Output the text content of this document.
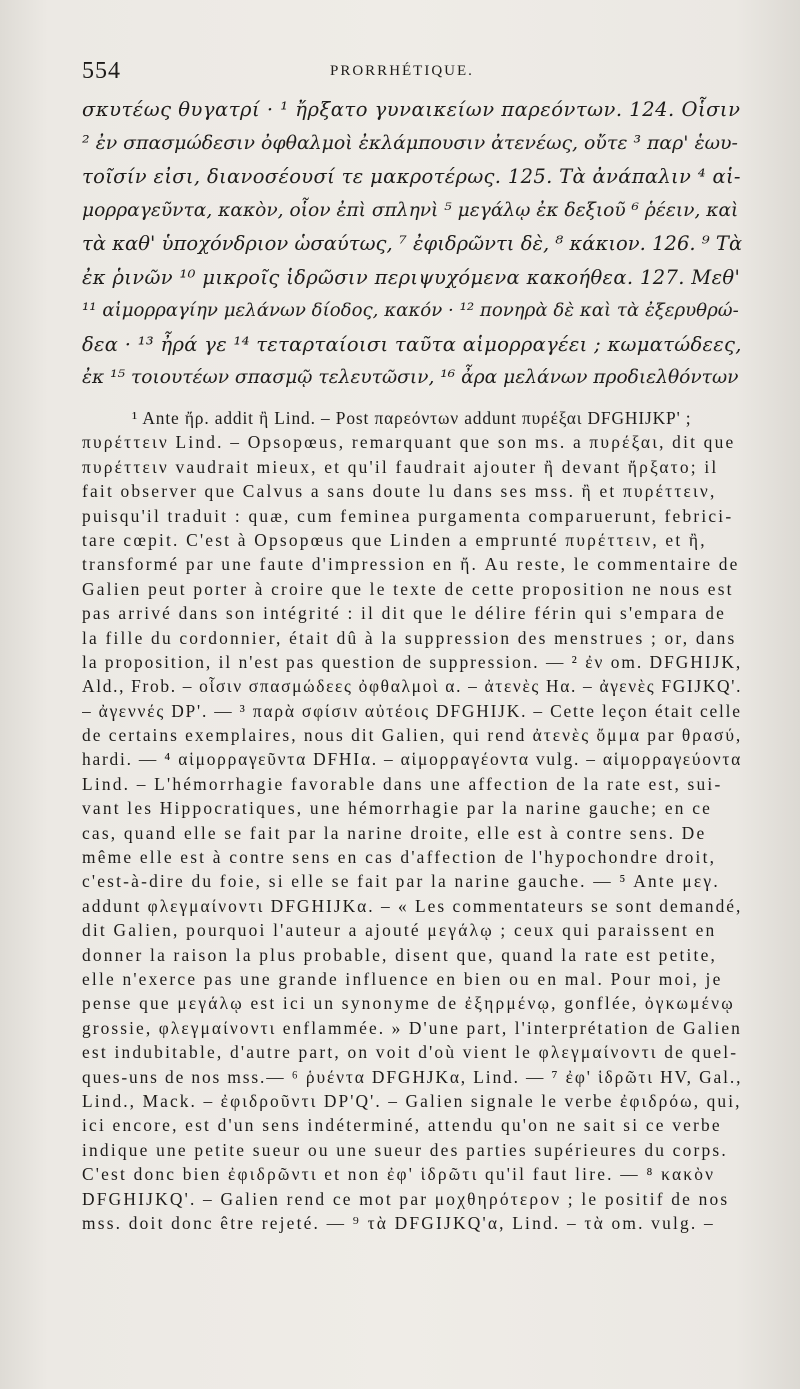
554	PRORRHÉTIQUE.
σκυτέως θυγατρί · ¹ ἤρξατο γυναικείων παρεόντων. 124. Οἷσιν
² ἐν σπασμώδεσιν ὀφθαλμοὶ ἐκλάμπουσιν ἀτενέως, οὔτε ³ παρ' ἑωυ-
τοῖσίν εἰσι, διανοσέουσί τε μακροτέρως. 125. Τὰ ἀνάπαλιν ⁴ αἱ-
μορραγεῦντα, κακὸν, οἷον ἐπὶ σπληνὶ ⁵ μεγάλῳ ἐκ δεξιοῦ ⁶ ῥέειν, καὶ
τὰ καθ' ὑποχόνδριον ὡσαύτως, ⁷ ἐφιδρῶντι δὲ, ⁸ κάκιον. 126. ⁹ Τὰ
ἐκ ῥινῶν ¹⁰ μικροῖς ἱδρῶσιν περιψυχόμενα κακοήθεα. 127. Μεθ'
¹¹ αἱμορραγίην μελάνων δίοδος, κακόν · ¹² πονηρὰ δὲ καὶ τὰ ἐξερυθρώ-
δεα · ¹³ ἦρά γε ¹⁴ τεταρταίοισι ταῦτα αἱμορραγέει ; κωματώδεες,
ἐκ ¹⁵ τοιουτέων σπασμῷ τελευτῶσιν, ¹⁶ ἆρα μελάνων προδιελθόντων
¹ Ante ἤρ. addit ἢ Lind. – Post παρεόντων addunt πυρέξαι DFGHIJKP' ;
πυρέττειν Lind. – Opsopœus, remarquant que son ms. a πυρέξαι, dit que
πυρέττειν vaudrait mieux, et qu'il faudrait ajouter ἢ devant ἤρξατο; il
fait observer que Calvus a sans doute lu dans ses mss. ἢ et πυρέττειν,
puisqu'il traduit : quæ, cum feminea purgamenta comparuerunt, febrici-
tare cœpit. C'est à Opsopœus que Linden a emprunté πυρέττειν, et ἢ,
transformé par une faute d'impression en ἤ. Au reste, le commentaire de
Galien peut porter à croire que le texte de cette proposition ne nous est
pas arrivé dans son intégrité : il dit que le délire férin qui s'empara de
la fille du cordonnier, était dû à la suppression des menstrues ; or, dans
la proposition, il n'est pas question de suppression. — ² ἐν om. DFGHIJK,
Ald., Frob. – οἷσιν σπασμώδεες ὀφθαλμοὶ α. – ἀτενὲς Hα. – ἀγενὲς FGIJKQ'.
– ἀγεννές DP'. — ³ παρὰ σφίσιν αὐτέοις DFGHIJK. – Cette leçon était celle
de certains exemplaires, nous dit Galien, qui rend ἀτενὲς ὄμμα par θρασύ,
hardi. — ⁴ αἱμορραγεῦντα DFHIα. – αἱμορραγέοντα vulg. – αἱμορραγεύοντα
Lind. – L'hémorrhagie favorable dans une affection de la rate est, sui-
vant les Hippocratiques, une hémorrhagie par la narine gauche; en ce
cas, quand elle se fait par la narine droite, elle est à contre sens. De
même elle est à contre sens en cas d'affection de l'hypochondre droit,
c'est-à-dire du foie, si elle se fait par la narine gauche. — ⁵ Ante μεγ.
addunt φλεγμαίνοντι DFGHIJKα. – « Les commentateurs se sont demandé,
dit Galien, pourquoi l'auteur a ajouté μεγάλῳ ; ceux qui paraissent en
donner la raison la plus probable, disent que, quand la rate est petite,
elle n'exerce pas une grande influence en bien ou en mal. Pour moi, je
pense que μεγάλῳ est ici un synonyme de ἐξηρμένῳ, gonflée, ὀγκωμένῳ
grossie, φλεγμαίνοντι enflammée. » D'une part, l'interprétation de Galien
est indubitable, d'autre part, on voit d'où vient le φλεγμαίνοντι de quel-
ques-uns de nos mss.— ⁶ ῥυέντα DFGHJKα, Lind. — ⁷ ἐφ' ἱδρῶτι HV, Gal.,
Lind., Mack. – ἐφιδροῦντι DP'Q'. – Galien signale le verbe ἐφιδρόω, qui,
ici encore, est d'un sens indéterminé, attendu qu'on ne sait si ce verbe
indique une petite sueur ou une sueur des parties supérieures du corps.
C'est donc bien ἐφιδρῶντι et non ἐφ' ἱδρῶτι qu'il faut lire. — ⁸ κακὸν
DFGHIJKQ'. – Galien rend ce mot par μοχθηρότερον ; le positif de nos
mss. doit donc être rejeté. — ⁹ τὰ DFGIJKQ'α, Lind. – τὰ om. vulg. –
